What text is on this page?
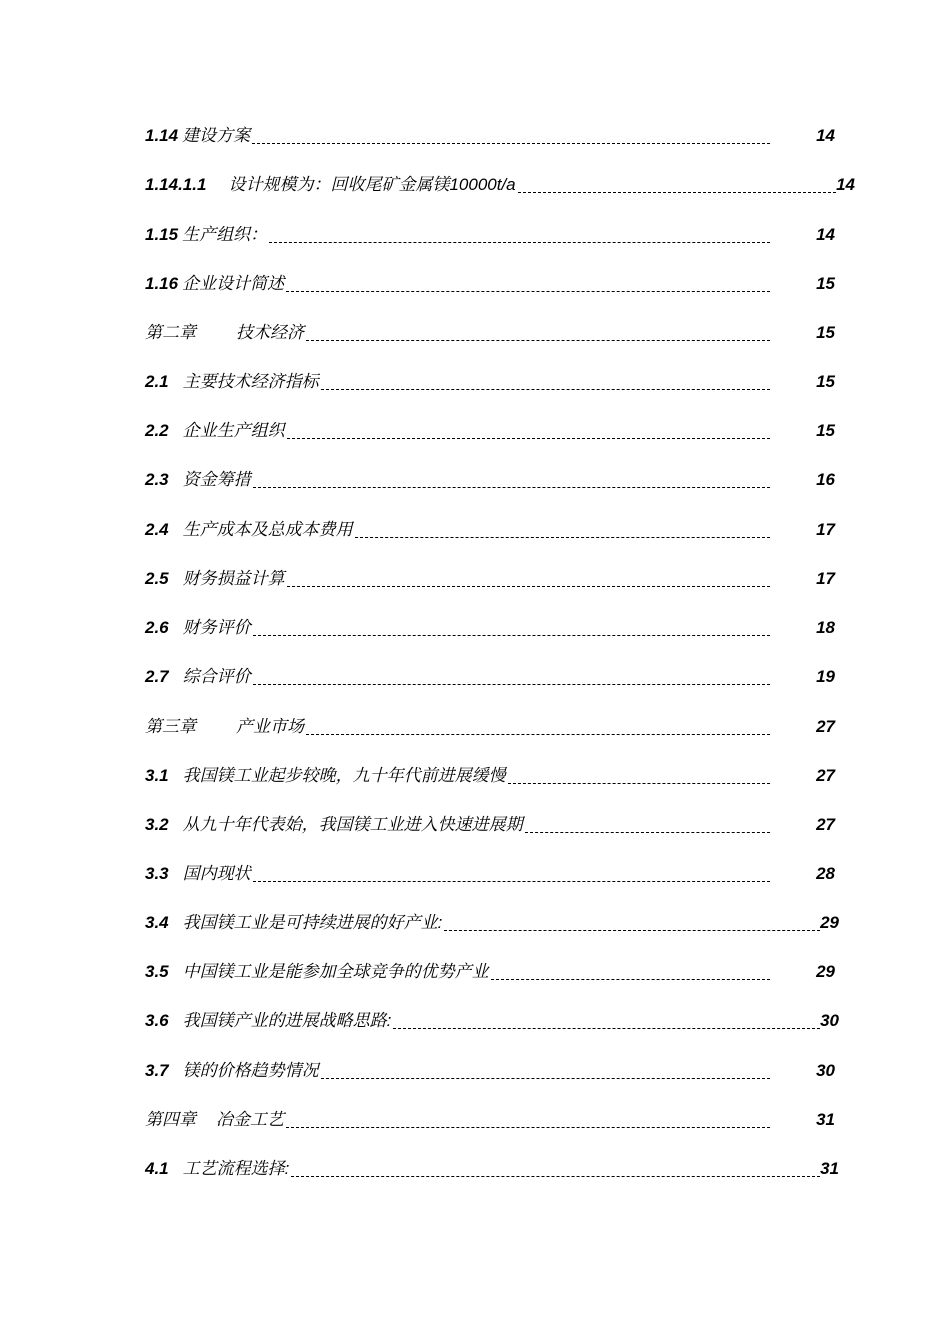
1.14 建设方案	14
1.14.1.1 设计规模为：回收尾矿金属镁10000t/a	14
1.15 生产组织：	14
1.16 企业设计简述	15
第二章 技术经济	15
2.1 主要技术经济指标	15
2.2 企业生产组织	15
2.3 资金筹措	16
2.4 生产成本及总成本费用	17
2.5 财务损益计算	17
2.6 财务评价	18
2.7 综合评价	19
第三章 产业市场	27
3.1 我国镁工业起步较晚，九十年代前进展缓慢	27
3.2 从九十年代表始，我国镁工业进入快速进展期	27
3.3 国内现状	28
3.4 我国镁工业是可持续进展的好产业:	29
3.5 中国镁工业是能参加全球竞争的优势产业	29
3.6 我国镁产业的进展战略思路:	30
3.7 镁的价格趋势情况	30
第四章 冶金工艺	31
4.1 工艺流程选择:	31
